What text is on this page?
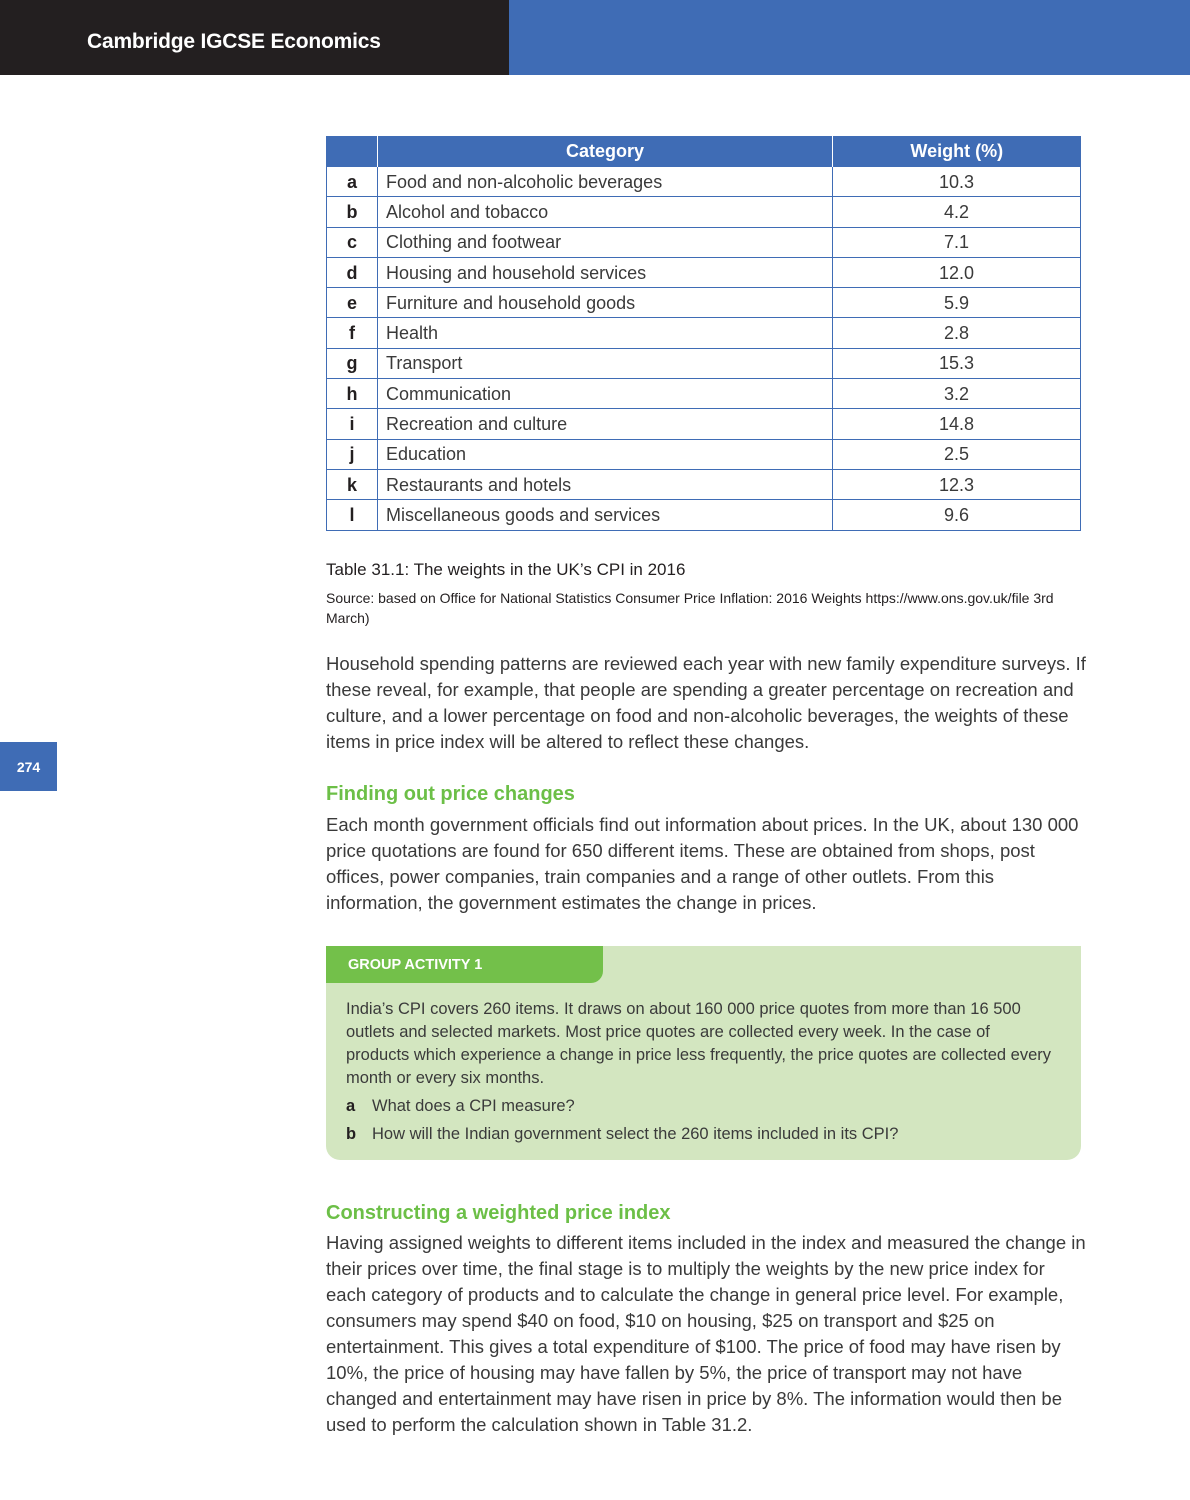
Cambridge IGCSE Economics
274
	Category	Weight (%)
a	Food and non-alcoholic beverages	10.3
b	Alcohol and tobacco	4.2
c	Clothing and footwear	7.1
d	Housing and household services	12.0
e	Furniture and household goods	5.9
f	Health	2.8
g	Transport	15.3
h	Communication	3.2
i	Recreation and culture	14.8
j	Education	2.5
k	Restaurants and hotels	12.3
l	Miscellaneous goods and services	9.6
Table 31.1: The weights in the UK’s CPI in 2016
Source: based on Office for National Statistics Consumer Price Inflation: 2016 Weights https://www.ons.gov.uk/file 3rd March)

Household spending patterns are reviewed each year with new family expenditure surveys. If these reveal, for example, that people are spending a greater percentage on recreation and culture, and a lower percentage on food and non-alcoholic beverages, the weights of these items in price index will be altered to reflect these changes.

Finding out price changes

Each month government officials find out information about prices. In the UK, about 130 000 price quotations are found for 650 different items. These are obtained from shops, post offices, power companies, train companies and a range of other outlets. From this information, the government estimates the change in prices.

GROUP ACTIVITY 1

India’s CPI covers 260 items. It draws on about 160 000 price quotes from more than 16 500 outlets and selected markets. Most price quotes are collected every week. In the case of products which experience a change in price less frequently, the price quotes are collected every month or every six months.

a What does a CPI measure?
b How will the Indian government select the 260 items included in its CPI?
Constructing a weighted price index

Having assigned weights to different items included in the index and measured the change in their prices over time, the final stage is to multiply the weights by the new price index for each category of products and to calculate the change in general price level. For example, consumers may spend $40 on food, $10 on housing, $25 on transport and $25 on entertainment. This gives a total expenditure of $100. The price of food may have risen by 10%, the price of housing may have fallen by 5%, the price of transport may not have changed and entertainment may have risen in price by 8%. The information would then be used to perform the calculation shown in Table 31.2.
